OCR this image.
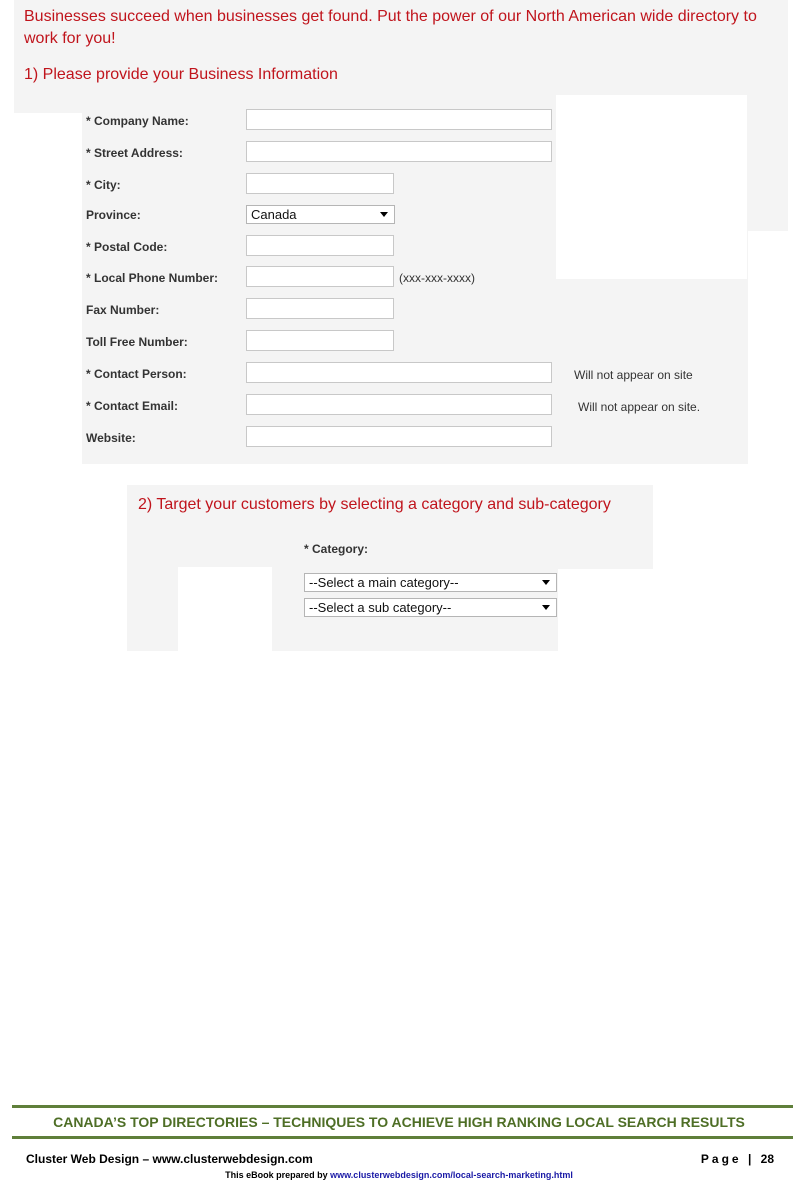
Businesses succeed when businesses get found. Put the power of our North American wide directory to work for you!
1) Please provide your Business Information
* Company Name:
* Street Address:
* City:
Province:	Canada
* Postal Code:
* Local Phone Number:	(xxx-xxx-xxxx)
Fax Number:
Toll Free Number:
* Contact Person:	Will not appear on site
* Contact Email:	Will not appear on site.
Website:
2) Target your customers by selecting a category and sub-category
* Category:
--Select a main category--
--Select a sub category--
CANADA’S TOP DIRECTORIES – TECHNIQUES TO ACHIEVE HIGH RANKING LOCAL SEARCH RESULTS
Cluster Web Design – www.clusterwebdesign.com	Page | 28
This eBook prepared by www.clusterwebdesign.com/local-search-marketing.html
